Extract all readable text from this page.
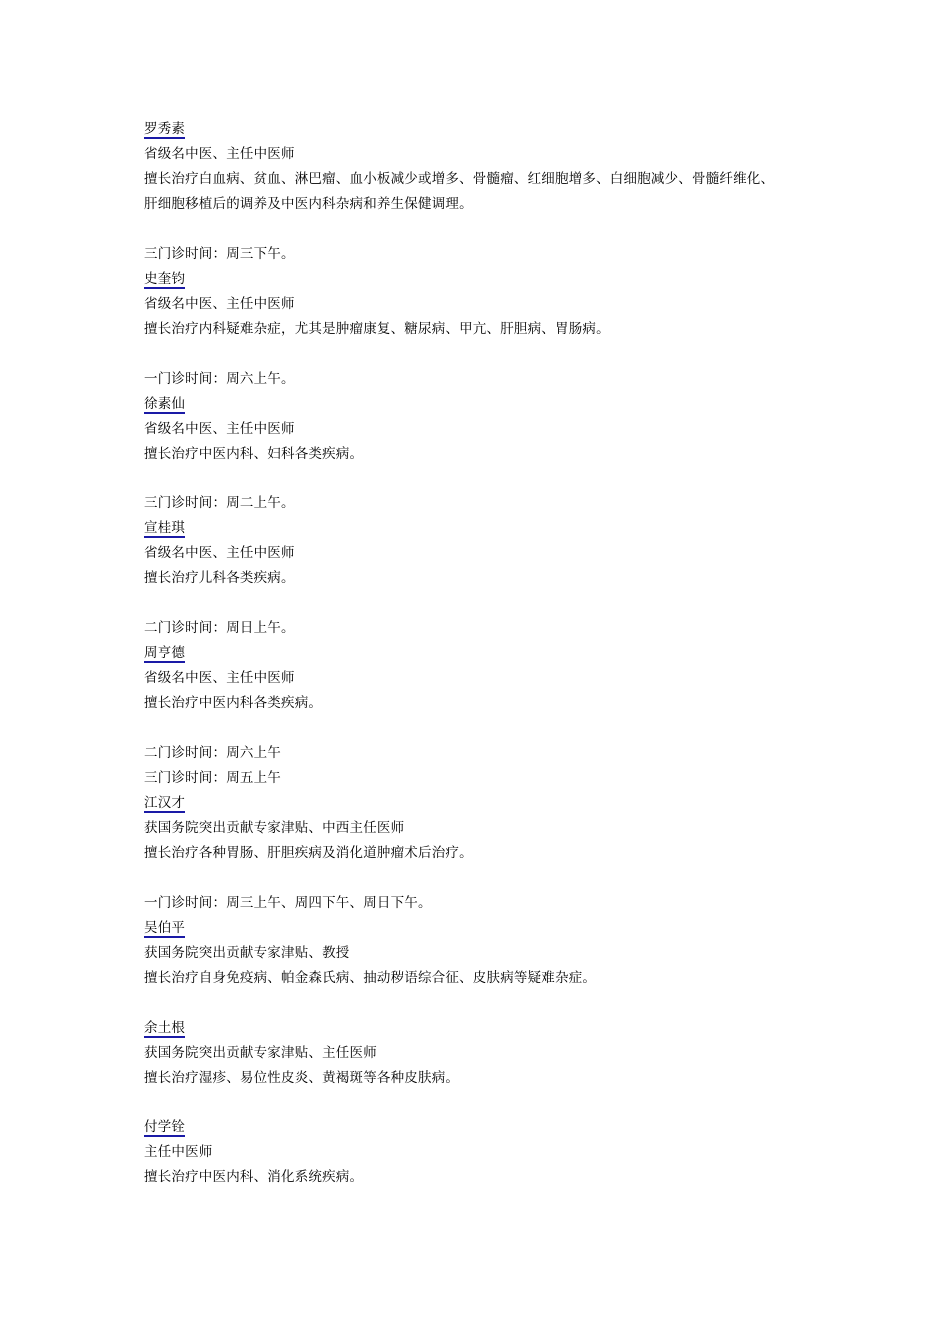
罗秀素
省级名中医、主任中医师
擅长治疗白血病、贫血、淋巴瘤、血小板减少或增多、骨髓瘤、红细胞增多、白细胞减少、骨髓纤维化、
肝细胞移植后的调养及中医内科杂病和养生保健调理。
三门诊时间：周三下午。
史奎钧
省级名中医、主任中医师
擅长治疗内科疑难杂症，尤其是肿瘤康复、糖尿病、甲亢、肝胆病、胃肠病。
一门诊时间：周六上午。
徐素仙
省级名中医、主任中医师
擅长治疗中医内科、妇科各类疾病。
三门诊时间：周二上午。
宣桂琪
省级名中医、主任中医师
擅长治疗儿科各类疾病。
二门诊时间：周日上午。
周亨德
省级名中医、主任中医师
擅长治疗中医内科各类疾病。
二门诊时间：周六上午
三门诊时间：周五上午
江汉才
获国务院突出贡献专家津贴、中西主任医师
擅长治疗各种胃肠、肝胆疾病及消化道肿瘤术后治疗。
一门诊时间：周三上午、周四下午、周日下午。
吴伯平
获国务院突出贡献专家津贴、教授
擅长治疗自身免疫病、帕金森氏病、抽动秽语综合征、皮肤病等疑难杂症。
余土根
获国务院突出贡献专家津贴、主任医师
擅长治疗湿疹、易位性皮炎、黄褐斑等各种皮肤病。
付学铨
主任中医师
擅长治疗中医内科、消化系统疾病。
